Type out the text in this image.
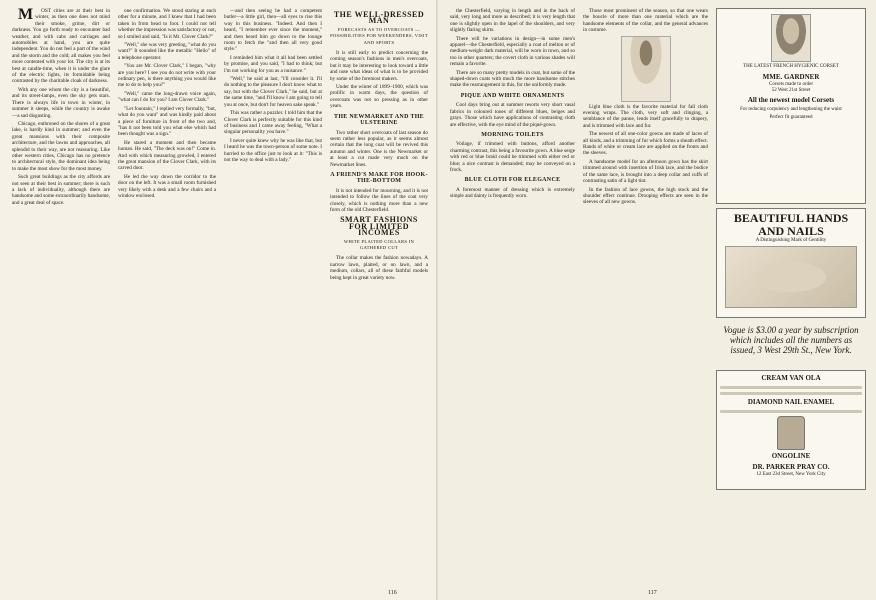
M OST cities are at their best in winter, as then one does not mind their smoke, grime, dirt or darkness. You go forth ready to encounter bad weather, and with cabs and carriages and automobiles at hand, you are quite independent. You do not feel a part of the wind and the storm and the cold; all makes you feel more contented with your lot. The city is at its best at candle-time, when it is under the glare of the electric lights, its formidable being contrasted by the charitable cloak of darkness.

With any one whom the city is a beautiful, and its street-lamps, even the sky gets stars. There is always life in town in winter, in summer it sleeps, while the country is awake—a sad disgusting.

Chicago, enthroned on the shores of a great lake, is hardly kind in summer; and even the great mansions with their composite architecture, and the lawns and approaches, all splendid to their way, are not reassuring. Like other western cities, Chicago has no pretence to architectural style, the dominant idea being to make the most show for the most money.

Such great buildings as the city affords are not seen at their best in summer; there is such a lack of individuality, although there are handsome and some extraordinarily handsome, and a great deal of space.

one confirmation. We stood staring at each other for a minute, and I knew that I had been taken in from head to foot. I could not tell whether the impression was satisfactory or not, so I smiled and said, "Is it Mr. Clover Clark?"

"Well," she was very greeting, "what do you want?" It sounded like the metallic "Hello" of a telephone operator.

"You are Mr. Clover Clark," I began, "why are you here? I see you do not write with your ordinary pen, is there anything you would like me to do to help you?"

"Well," came the long-drawn voice again, "what can I do for you? I am Clover Clark."

"Let fountain," I replied very formally, "but, what do you want" and was kindly paid about a piece of furniture in front of the two and, "has it not been told you what else which had been thought was a sign."

He stared a moment and then became human. He said, "The deck was on!" Come in. And with which measuring growled, I entered the great mansion of the Clover Clark, with its carved door.

He led the way down the corridor to the door on the left. It was a small room furnished very likely with a desk and a few chairs and a window enclosed.

—and then seeing he had a competent butler—a little girl, then—all eyes to rise this way in this business. "Indeed. And then I heard, "I remember ever since the moment," and then heard him go down to the lounge room to fetch the "and then all very good style."

I reminded him what it all had been settled by promise, and you said, "I had to think; but I'm not working for you as a nuisance."

"Well," he said at last, "I'll consider it. I'll do nothing to the pleasure I don't know what to say, but with the Clover Clark," he said, but at the same time, "and I'll know I am going to tell you at once, but don't for heaven sake speak."

This was rather a puzzler. I told him that the Clover Clark is perfectly suitable for this kind of business and I came away feeling, "What a singular personality you have."

I never quite knew why he was like that, but I heard he was the town-person of some note. I hurried to the office just to look at it: "This is not the way to deal with a lady."

THE WELL-DRESSED MAN
FORECASTS AS TO OVERCOATS — POSSIBILITIES FOR WEEKENDERS, VISIT AND SPORTS

It is still early to predict concerning the coming season's fashions in men's overcoats, but it may be interesting to look toward a little and note what ideas of what is to be provided by some of the foremost makers.

Under the winter of 1899–1900, which was prolific in warm days, the question of overcoats was not so pressing as in other years.

THE NEWMARKET AND THE ULSTERINE

Two rather short overcoats of last season do seem rather less popular, as it seems almost certain that the long coat will be revived this autumn and winter. One is the Newmarket or at least a cut made very much on the Newmarket lines.

A FRIEND'S MAKE FOR HOOK-THE-BOTTOM

It is not intended for mourning, and it is not intended to follow the lines of the coat very closely, which is nothing more than a new form of the old Chesterfield.

SMART FASHIONS FOR LIMITED INCOMES
WHITE PLAITED COLLARS IN GATHERED CUT

The collar makes the fashion nowadays. A narrow lawn, plaited, or on lawn, and a medium, collars, all of these faithful models being kept in great variety now.

116

the Chesterfield, varying in length and in the back of said, very long and more as described; it is very length that one is slightly open in the lapel of the shoulders, and very slightly flaring skirts.

There will be variations in design—in some men's apparel—the Chesterfield, especially a coat of melton or of medium-weight dark material, will be worn in town, and so too in other quarters; the covert cloth in various shades will remain a favorite.

There are so many pretty models in coat, but some of the shaped-down coats with much the more handsome stitches make the rearrangement in this, for the uniformly made.

PIQUE AND WHITE ORNAMENTS

Cool days bring out at summer resorts very short vasal fabrics in coloured tones of different blues, beiges and grays. Those which have applications of contrasting cloth are effective, with the eye mind of the piqué-gown.

MORNING TOILETS

Voilage, if trimmed with buttons, afford another charming contrast, this being a favourite gown. A blue serge with red or blue braid could be trimmed with either red or blue; a nice contrast is demanded; may be conveyed on a frock.

BLUE CLOTH FOR ELEGANCE

A foremost manner of dressing which is extremely simple and dainty is frequently worn.

Those most prominent of the season, so that one wears the boucle of more than one material which are the handsome elements of the collar, and the general advances in costume.

Light blue cloth is the favorite material for fall cloth evening wraps. The cloth, very soft and clinging, a semblance of the panne, lends itself gracefully to drapery, and is trimmed with lace and fur.

The newest of all one-color gowns are made of laces of all kinds, and a trimming of fur which forms a sheath effect. Bands of white or cream lace are applied on the fronts and the sleeves.

A handsome model for an afternoon gown has the skirt trimmed around with insertion of Irish lace, and the bodice of the same lace, is brought into a deep collar and cuffs of contrasting satin of a light tint.

In the fashion of lace gowns, the high stock and the shoulder effect continue. Drooping effects are seen in the sleeves of all new gowns.

THE LATEST FRENCH HYGIENIC CORSET
MME. GARDNER
Corsets made to order
52 West 21st Street
All the newest model Corsets
For reducing corpulency and lengthening the waist
Perfect fit guaranteed
BEAUTIFUL HANDS AND NAILS
A Distinguishing Mark of Gentility
Vogue is $3.00 a year by subscription which includes all the numbers as issued, 3 West 29th St., New York.
CREAM VAN OLA
DIAMOND NAIL ENAMEL
ONGOLINE
DR. PARKER PRAY CO.
12 East 23d Street, New York City
117
